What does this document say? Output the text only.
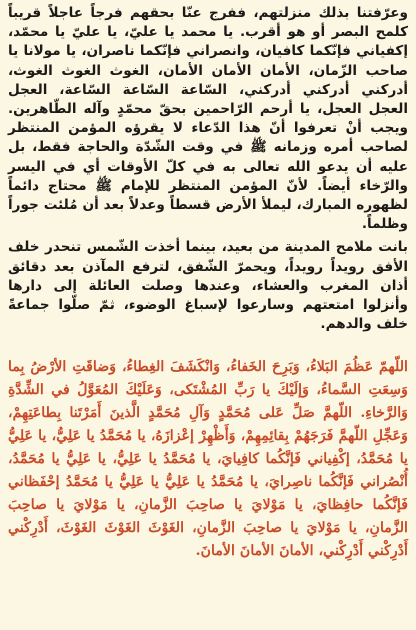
وعرّفتنا بذلك منزلتهم، ففرج عنّا بحقهم فرجاً عاجلاً قريباً كلمح البصر أو هو أقرب. يا محمد يا عليّ، يا عليّ يا محمّد، إكفياني فإنّكما كافيان، وانصراني فإنّكما ناصران، يا مولانا يا صاحب الزّمان، الأمان الأمان الأمان، الغوث الغوث الغوث، أدركني أدركني أدركني، السّاعة السّاعة السّاعة، العجل العجل العجل، يا أرحم الرّاحمين بحقّ محمّدٍ وآله الطّاهرين. ويجب أنْ تعرفوا أنّ هذا الدّعاء لا يقرؤه المؤمن المنتظر لصاحب أمره وزمانه ﷺ في وقت الشّدّة والحاجة فقط، بل عليه أن يدعو الله تعالى به في كلّ الأوقات أي في اليسر والرّخاء أيضاً. لأنّ المؤمن المنتظر للإمام ﷺ محتاج دائماً لظهوره المبارك، ليملأ الأرض قسطاً وعدلاً بعد أن مُلئت جوراً وظلماً.

بانت ملامح المدينة من بعيد، بينما أخذت الشّمس تنحدر خلف الأفق رويداً رويداً، ويحمرّ الشّفق، لترفع المآذن بعد دقائق أذان المغرب والعشاء، وعندها وصلت العائلة إلى دارها وأنزلوا امتعتهم وسارعوا لإسباغ الوضوء، ثمّ صلّوا جماعةً خلف والدهم.

اللّهمّ عَظُمَ البَلاءُ، وَبَرِحَ الخَفاءُ، وَانْكَشَفَ الغِطاءُ، وَضاقَتِ الأرْضُ بِما وَسِعَتِ السَّماءُ، وَإلَيْكَ يا رَبِّ المُشْتَكى، وَعَلَيْكَ المُعَوَّلُ في الشِّدَّةِ وَالرَّخاءِ. اللّهمَّ صَلِّ عَلى مُحَمَّدٍ وَآلِ مُحَمَّدٍ الَّذينَ أَمَرْتَنا بِطاعَتِهِمْ، وَعَجِّلِ اللّهمَّ فَرَجَهُمْ بِقائِمِهِمْ، وَأَظْهِرْ إعْزازَهُ، يا مُحَمَّدُ يا عَلِيُّ، يا عَلِيُّ يا مُحَمَّدُ، إكْفِياني فَإنَّكُما كافِيايَ، يا مُحَمَّدُ يا عَلِيُّ، يا عَلِيُّ يا مُحَمَّدُ، أُنْصُراني فَإنَّكُما ناصِرايَ، يا مُحَمَّدُ يا عَلِيُّ يا عَلِيُّ يا مُحَمَّدُ إحْفَظاني فَإنَّكُما حافِظايَ، يا مَوْلايَ يا صاحِبَ الزَّمانِ، يا مَوْلايَ يا صاحِبَ الزَّمانِ، يا مَوْلايَ يا صاحِبَ الزَّمانِ، الغَوْثَ الغَوْثَ الغَوْثَ، أَدْرِكْني أَدْرِكْني أَدْرِكْني، الأمانَ الأمانَ الأمانَ.
